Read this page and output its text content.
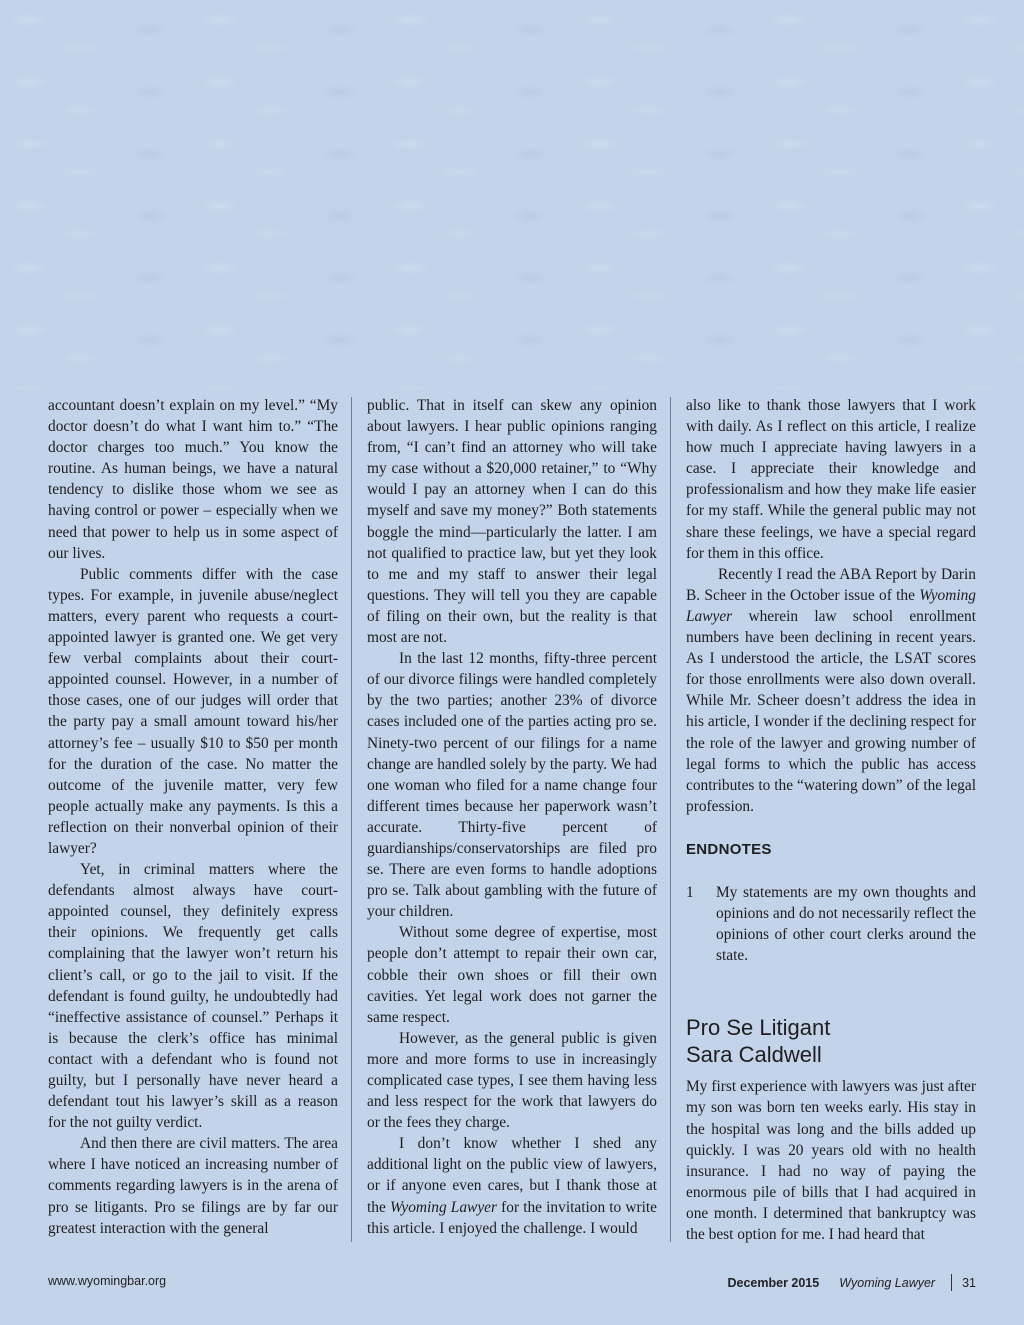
accountant doesn’t explain on my level.” “My doctor doesn’t do what I want him to.” “The doctor charges too much.” You know the routine. As human beings, we have a natural tendency to dislike those whom we see as having control or power – especially when we need that power to help us in some aspect of our lives.

Public comments differ with the case types. For example, in juvenile abuse/neglect matters, every parent who requests a court-appointed lawyer is granted one. We get very few verbal complaints about their court-appointed counsel. However, in a number of those cases, one of our judges will order that the party pay a small amount toward his/her attorney’s fee – usually $10 to $50 per month for the duration of the case. No matter the outcome of the juvenile matter, very few people actually make any payments. Is this a reflection on their nonverbal opinion of their lawyer?

Yet, in criminal matters where the defendants almost always have court-appointed counsel, they definitely express their opinions. We frequently get calls complaining that the lawyer won’t return his client’s call, or go to the jail to visit. If the defendant is found guilty, he undoubtedly had “ineffective assistance of counsel.” Perhaps it is because the clerk’s office has minimal contact with a defendant who is found not guilty, but I personally have never heard a defendant tout his lawyer’s skill as a reason for the not guilty verdict.

And then there are civil matters. The area where I have noticed an increasing number of comments regarding lawyers is in the arena of pro se litigants. Pro se filings are by far our greatest interaction with the general

public. That in itself can skew any opinion about lawyers. I hear public opinions ranging from, “I can’t find an attorney who will take my case without a $20,000 retainer,” to “Why would I pay an attorney when I can do this myself and save my money?” Both statements boggle the mind—particularly the latter. I am not qualified to practice law, but yet they look to me and my staff to answer their legal questions. They will tell you they are capable of filing on their own, but the reality is that most are not.

In the last 12 months, fifty-three percent of our divorce filings were handled completely by the two parties; another 23% of divorce cases included one of the parties acting pro se. Ninety-two percent of our filings for a name change are handled solely by the party. We had one woman who filed for a name change four different times because her paperwork wasn’t accurate. Thirty-five percent of guardianships/conservatorships are filed pro se. There are even forms to handle adoptions pro se. Talk about gambling with the future of your children.

Without some degree of expertise, most people don’t attempt to repair their own car, cobble their own shoes or fill their own cavities. Yet legal work does not garner the same respect.

However, as the general public is given more and more forms to use in increasingly complicated case types, I see them having less and less respect for the work that lawyers do or the fees they charge.

I don’t know whether I shed any additional light on the public view of lawyers, or if anyone even cares, but I thank those at the Wyoming Lawyer for the invitation to write this article. I enjoyed the challenge. I would

also like to thank those lawyers that I work with daily. As I reflect on this article, I realize how much I appreciate having lawyers in a case. I appreciate their knowledge and professionalism and how they make life easier for my staff. While the general public may not share these feelings, we have a special regard for them in this office.

Recently I read the ABA Report by Darin B. Scheer in the October issue of the Wyoming Lawyer wherein law school enrollment numbers have been declining in recent years. As I understood the article, the LSAT scores for those enrollments were also down overall. While Mr. Scheer doesn’t address the idea in his article, I wonder if the declining respect for the role of the lawyer and growing number of legal forms to which the public has access contributes to the “watering down” of the legal profession.

ENDNOTES
1	My statements are my own thoughts and opinions and do not necessarily reflect the opinions of other court clerks around the state.
Pro Se Litigant
Sara Caldwell

My first experience with lawyers was just after my son was born ten weeks early. His stay in the hospital was long and the bills added up quickly. I was 20 years old with no health insurance. I had no way of paying the enormous pile of bills that I had acquired in one month. I determined that bankruptcy was the best option for me. I had heard that

www.wyomingbar.org	December 2015 Wyoming Lawyer 31
